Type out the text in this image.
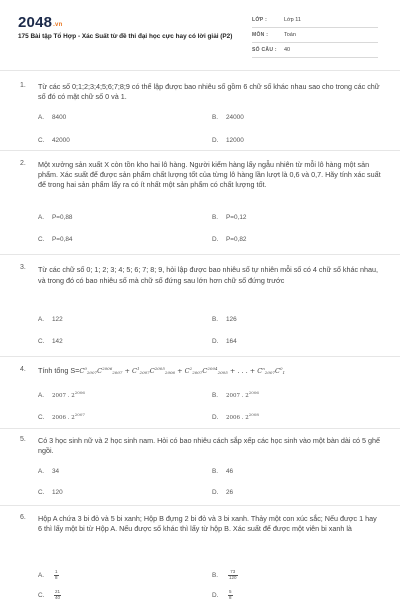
2048.vn
175 Bài tập Tổ Hợp - Xác Suất từ đề thi đại học cực hay có lời giải (P2)
LỚP :	Lớp 11
MÔN :	Toán
SỐ CÂU : 40
1. Từ các số 0;1;2;3;4;5;6;7;8;9 có thể lập được bao nhiêu số gồm 6 chữ số khác nhau sao cho trong các chữ số đó có mặt chữ số 0 và 1.
A. 8400	B. 24000
C. 42000	D. 12000
2. Một xưởng sản xuất X còn tồn kho hai lô hàng. Người kiểm hàng lấy ngẫu nhiên từ mỗi lô hàng một sản phẩm. Xác suất để được sản phẩm chất lượng tốt của từng lô hàng lần lượt là 0,6 và 0,7. Hãy tính xác suất để trong hai sản phẩm lấy ra có ít nhất một sản phẩm có chất lượng tốt.
A. P=0,88	B. P=0,12
C. P=0,84	D. P=0,82
3. Từ các chữ số 0; 1; 2; 3; 4; 5; 6; 7; 8; 9, hỏi lập được bao nhiêu số tự nhiên mỗi số có 4 chữ số khác nhau, và trong đó có bao nhiêu số mà chữ số đứng sau lớn hơn chữ số đứng trước
A. 122	B. 126
C. 142	D. 164
4. Tính tổng $S=C^0_{2007}C^{2006}_{2007} + C^1_{2007}C^{2005}_{2006} + C^2_{2007}C^{2004}_{2005}$ + . . . + $C^n_{2007}C^0_1$
A. 2007 . $2^{2006}$	B. 2007 . $2^{2006}$
C. 2006 . $2^{2007}$	D. 2006 . $2^{2008}$
5. Có 3 học sinh nữ và 2 học sinh nam. Hỏi có bao nhiêu cách sắp xếp các học sinh vào một bàn dài có 5 ghế ngồi.
A. 34	B. 46
C. 120	D. 26
6. Hộp A chứa 3 bi đỏ và 5 bi xanh; Hộp B đựng 2 bi đỏ và 3 bi xanh. Thảy một con xúc sắc; Nếu được 1 hay 6 thì lấy một bi từ Hộp A. Nếu được số khác thì lấy từ hộp B. Xác suất để được một viên bi xanh là
A. $\frac{1}{8}$	B. $\frac{73}{120}$
C. $\frac{21}{40}$	D. $\frac{5}{8}$
